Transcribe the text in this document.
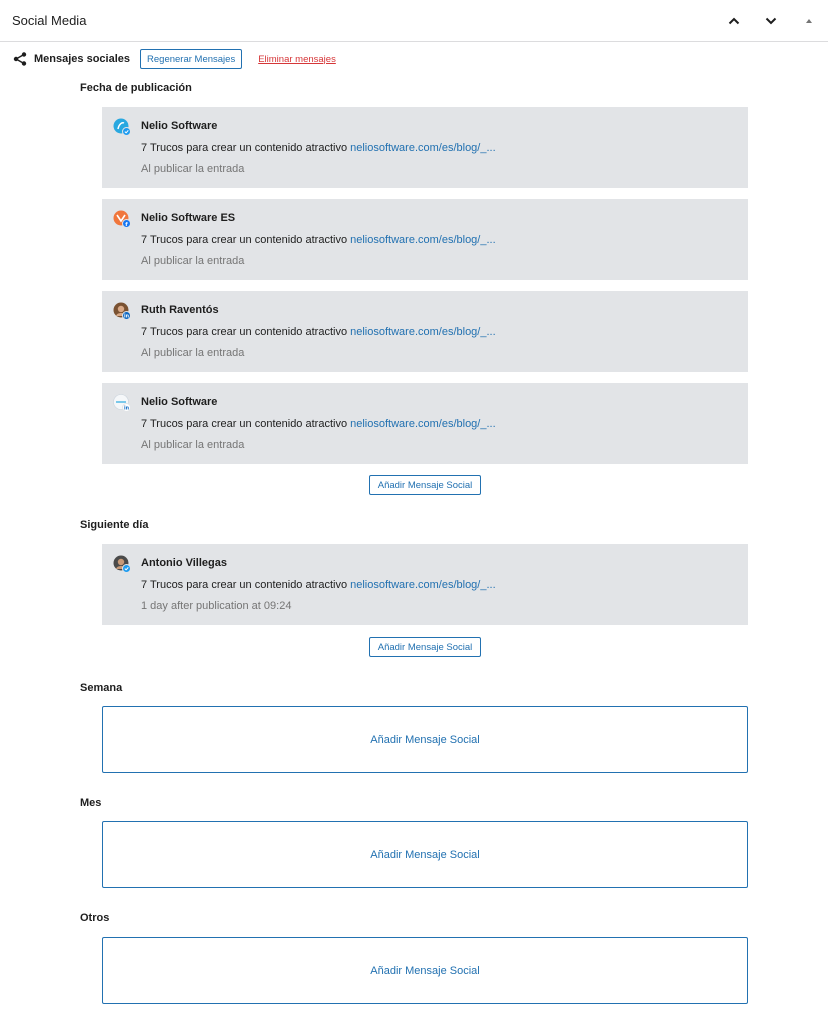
Social Media
Mensajes sociales	Regenerar Mensajes	Eliminar mensajes
Fecha de publicación
Nelio Software
7 Trucos para crear un contenido atractivo neliosoftware.com/es/blog/_...
Al publicar la entrada
f
Nelio Software ES
7 Trucos para crear un contenido atractivo neliosoftware.com/es/blog/_...
Al publicar la entrada
in
Ruth Raventós
7 Trucos para crear un contenido atractivo neliosoftware.com/es/blog/_...
Al publicar la entrada
in
Nelio Software
7 Trucos para crear un contenido atractivo neliosoftware.com/es/blog/_...
Al publicar la entrada
Añadir Mensaje Social
Siguiente día
Antonio Villegas
7 Trucos para crear un contenido atractivo neliosoftware.com/es/blog/_...
1 day after publication at 09:24
Añadir Mensaje Social
Semana
Añadir Mensaje Social
Mes
Añadir Mensaje Social
Otros
Añadir Mensaje Social
